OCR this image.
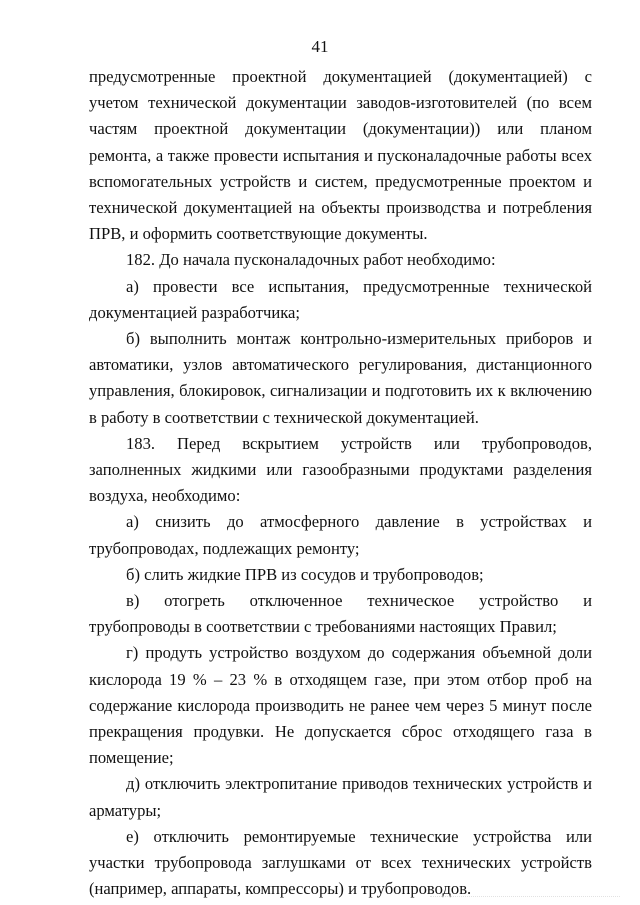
41

предусмотренные проектной документацией (документацией) с учетом технической документации заводов-изготовителей (по всем частям проектной документации (документации)) или планом ремонта, а также провести испытания и пусконаладочные работы всех вспомогательных устройств и систем, предусмотренные проектом и технической документацией на объекты производства и потребления ПРВ, и оформить соответствующие документы.

182. До начала пусконаладочных работ необходимо:

а) провести все испытания, предусмотренные технической документацией разработчика;

б) выполнить монтаж контрольно-измерительных приборов и автоматики, узлов автоматического регулирования, дистанционного управления, блокировок, сигнализации и подготовить их к включению в работу в соответствии с технической документацией.

183. Перед вскрытием устройств или трубопроводов, заполненных жидкими или газообразными продуктами разделения воздуха, необходимо:

а) снизить до атмосферного давление в устройствах и трубопроводах, подлежащих ремонту;

б) слить жидкие ПРВ из сосудов и трубопроводов;

в) отогреть отключенное техническое устройство и трубопроводы в соответствии с требованиями настоящих Правил;

г) продуть устройство воздухом до содержания объемной доли кислорода 19 % – 23 % в отходящем газе, при этом отбор проб на содержание кислорода производить не ранее чем через 5 минут после прекращения продувки. Не допускается сброс отходящего газа в помещение;

д) отключить электропитание приводов технических устройств и арматуры;

е) отключить ремонтируемые технические устройства или участки трубопровода заглушками от всех технических устройств (например, аппараты, компрессоры) и трубопроводов.
